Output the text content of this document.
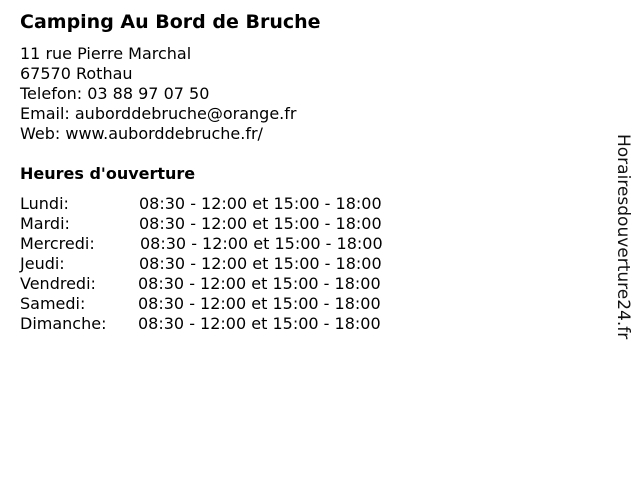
Camping Au Bord de Bruche
11 rue Pierre Marchal
67570 Rothau
Telefon: 03 88 97 07 50
Email: auborddebruche@orange.fr
Web: www.auborddebruche.fr/
Heures d'ouverture
Lundi:	08:30 - 12:00 et 15:00 - 18:00
Mardi:	08:30 - 12:00 et 15:00 - 18:00
Mercredi:	08:30 - 12:00 et 15:00 - 18:00
Jeudi:	08:30 - 12:00 et 15:00 - 18:00
Vendredi:	08:30 - 12:00 et 15:00 - 18:00
Samedi:	08:30 - 12:00 et 15:00 - 18:00
Dimanche: 08:30 - 12:00 et 15:00 - 18:00	Horairesdouverture24.fr
